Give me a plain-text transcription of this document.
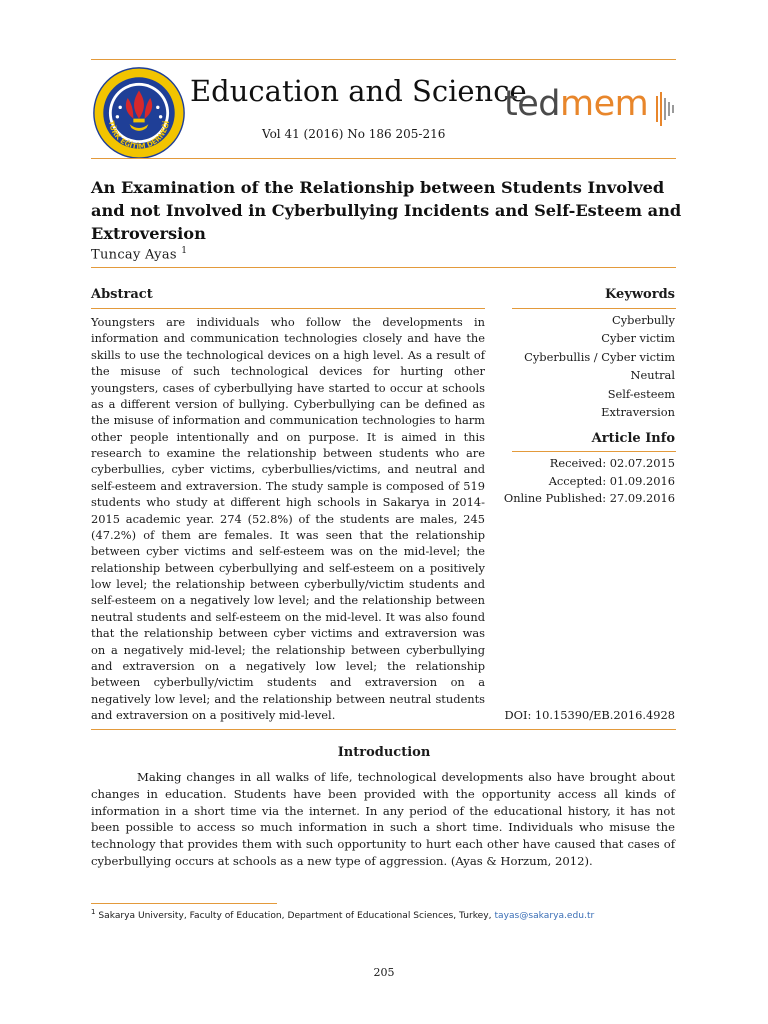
TÜRK EĞİTİM DERNEĞİ
Education and Science
tedmem
Vol 41 (2016) No 186 205-216
An Examination of the Relationship between Students Involved and not Involved in Cyberbullying Incidents and Self-Esteem and Extroversion
Tuncay Ayas $^1$
Abstract
Youngsters are individuals who follow the developments in information and communication technologies closely and have the skills to use the technological devices on a high level. As a result of the misuse of such technological devices for hurting other youngsters, cases of cyberbullying have started to occur at schools as a different version of bullying. Cyberbullying can be defined as the misuse of information and communication technologies to harm other people intentionally and on purpose. It is aimed in this research to examine the relationship between students who are cyberbullies, cyber victims, cyberbullies/victims, and neutral and self-esteem and extraversion. The study sample is composed of 519 students who study at different high schools in Sakarya in 2014-2015 academic year. 274 (52.8%) of the students are males, 245 (47.2%) of them are females. It was seen that the relationship between cyber victims and self-esteem was on the mid-level; the relationship between cyberbullying and self-esteem on a positively low level; the relationship between cyberbully/victim students and self-esteem on a negatively low level; and the relationship between neutral students and self-esteem on the mid-level. It was also found that the relationship between cyber victims and extraversion was on a negatively mid-level; the relationship between cyberbullying and extraversion on a negatively low level; the relationship between cyberbully/victim students and extraversion on a negatively low level; and the relationship between neutral students and extraversion on a positively mid-level.
Keywords
Cyberbully
Cyber victim
Cyberbullis / Cyber victim
Neutral
Self-esteem
Extraversion
Article Info
Received: 02.07.2015
Accepted: 01.09.2016
Online Published: 27.09.2016
DOI: 10.15390/EB.2016.4928
Introduction
Making changes in all walks of life, technological developments also have brought about changes in education. Students have been provided with the opportunity access all kinds of information in a short time via the internet. In any period of the educational history, it has not been possible to access so much information in such a short time. Individuals who misuse the technology that provides them with such opportunity to hurt each other have caused that cases of cyberbullying occurs at schools as a new type of aggression. (Ayas & Horzum, 2012).
$^1$ Sakarya University, Faculty of Education, Department of Educational Sciences, Turkey, tayas@sakarya.edu.tr
205
